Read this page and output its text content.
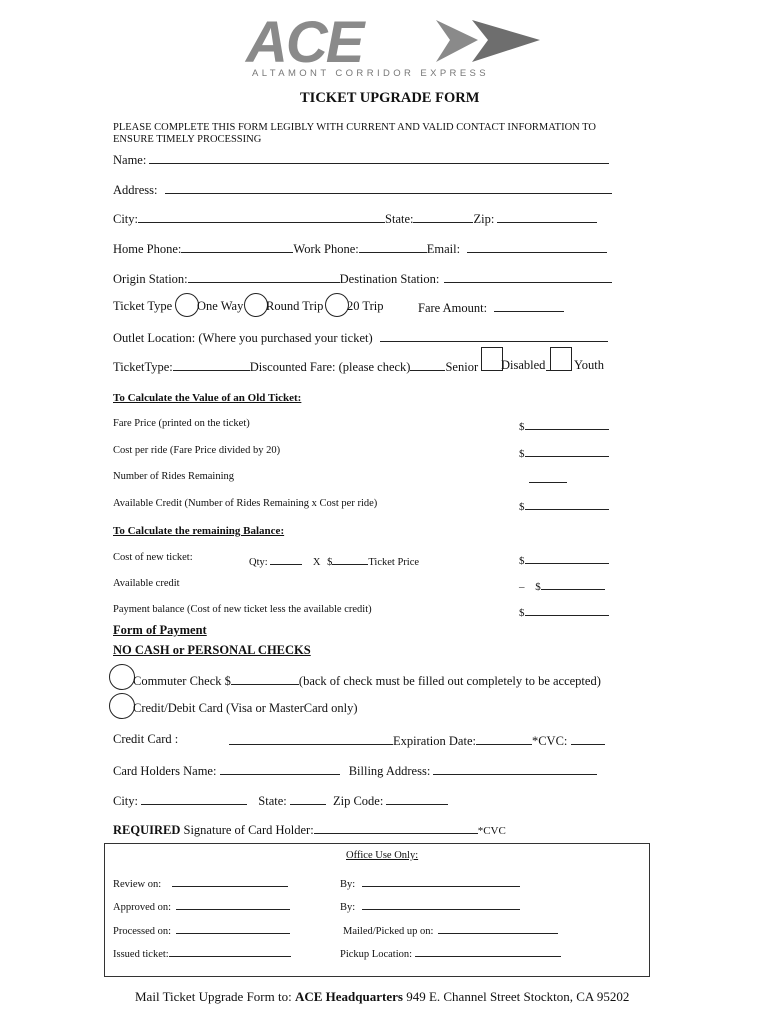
ACE
ALTAMONT CORRIDOR EXPRESS
TICKET UPGRADE FORM
PLEASE COMPLETE THIS FORM LEGIBLY WITH CURRENT AND VALID CONTACT INFORMATION TO ENSURE TIMELY PROCESSING
Name:
Address:
City:	State:	Zip:
Home Phone:	Work Phone:	Email:
Origin Station:	Destination Station:
Ticket Type One Way Round Trip 20 Trip	Fare Amount:
Outlet Location: (Where you purchased your ticket)
TicketType:	Discounted Fare: (please check)	Senior Disabled Youth
To Calculate the Value of an Old Ticket:
Fare Price (printed on the ticket)	$
Cost per ride (Fare Price divided by 20)	$
Number of Rides Remaining
Available Credit (Number of Rides Remaining x Cost per ride)	$
To Calculate the remaining Balance:
Cost of new ticket:	Qty:	X $	Ticket Price	$
Available credit	– $
Payment balance (Cost of new ticket less the available credit)	$
Form of Payment
NO CASH or PERSONAL CHECKS
Commuter Check $	(back of check must be filled out completely to be accepted)
Credit/Debit Card (Visa or MasterCard only)
Credit Card :	Expiration Date:	*CVC:
Card Holders Name:	Billing Address:
City:	State:	Zip Code:
REQUIRED Signature of Card Holder:	*CVC
Office Use Only:
Review on:	By:
Approved on:	By:
Processed on:	Mailed/Picked up on:
Issued ticket:	Pickup Location:
Mail Ticket Upgrade Form to: ACE Headquarters 949 E. Channel Street Stockton, CA 95202
